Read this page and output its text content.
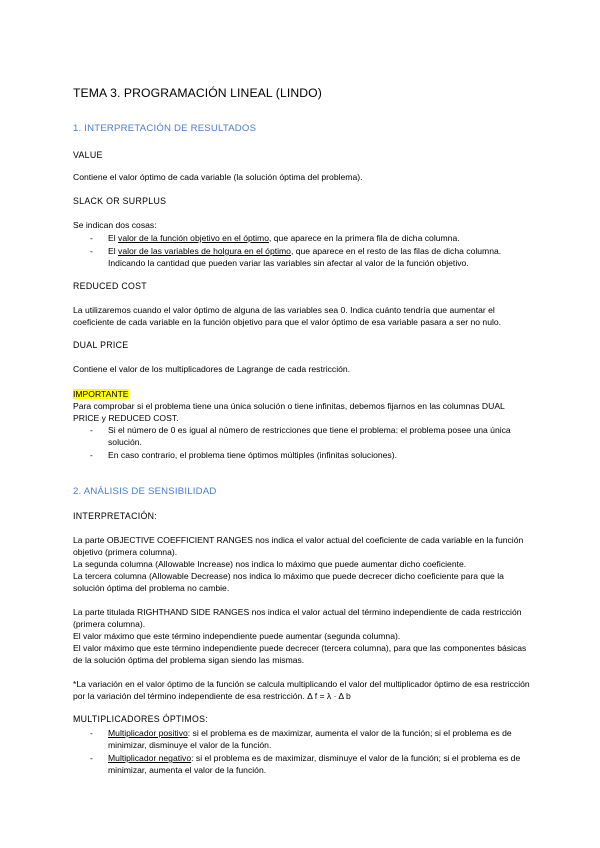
TEMA 3. PROGRAMACIÓN LINEAL (LINDO)
1. INTERPRETACIÓN DE RESULTADOS
VALUE
Contiene el valor óptimo de cada variable (la solución óptima del problema).
SLACK OR SURPLUS
Se indican dos cosas:
- El valor de la función objetivo en el óptimo, que aparece en la primera fila de dicha columna.
- El valor de las variables de holgura en el óptimo, que aparece en el resto de las filas de dicha columna. Indicando la cantidad que pueden variar las variables sin afectar al valor de la función objetivo.
REDUCED COST
La utilizaremos cuando el valor óptimo de alguna de las variables sea 0. Indica cuánto tendría que aumentar el coeficiente de cada variable en la función objetivo para que el valor óptimo de esa variable pasara a ser no nulo.
DUAL PRICE
Contiene el valor de los multiplicadores de Lagrange de cada restricción.
IMPORTANTE
Para comprobar si el problema tiene una única solución o tiene infinitas, debemos fijarnos en las columnas DUAL PRICE y REDUCED COST.
- Si el número de 0 es igual al número de restricciones que tiene el problema: el problema posee una única solución.
- En caso contrario, el problema tiene óptimos múltiples (infinitas soluciones).
2. ANÁLISIS DE SENSIBILIDAD
INTERPRETACIÓN:
La parte OBJECTIVE COEFFICIENT RANGES nos indica el valor actual del coeficiente de cada variable en la función objetivo (primera columna).
La segunda columna (Allowable Increase) nos indica lo máximo que puede aumentar dicho coeficiente.
La tercera columna (Allowable Decrease) nos indica lo máximo que puede decrecer dicho coeficiente para que la solución óptima del problema no cambie.
La parte titulada RIGHTHAND SIDE RANGES nos indica el valor actual del término independiente de cada restricción (primera columna).
El valor máximo que este término independiente puede aumentar (segunda columna).
El valor máximo que este término independiente puede decrecer (tercera columna), para que las componentes básicas de la solución óptima del problema sigan siendo las mismas.
*La variación en el valor óptimo de la función se calcula multiplicando el valor del multiplicador óptimo de esa restricción por la variación del término independiente de esa restricción. Δ f = λ · Δ b
MULTIPLICADORES ÓPTIMOS:
- Multiplicador positivo: si el problema es de maximizar, aumenta el valor de la función; si el problema es de minimizar, disminuye el valor de la función.
- Multiplicador negativo: si el problema es de maximizar, disminuye el valor de la función; si el problema es de minimizar, aumenta el valor de la función.
